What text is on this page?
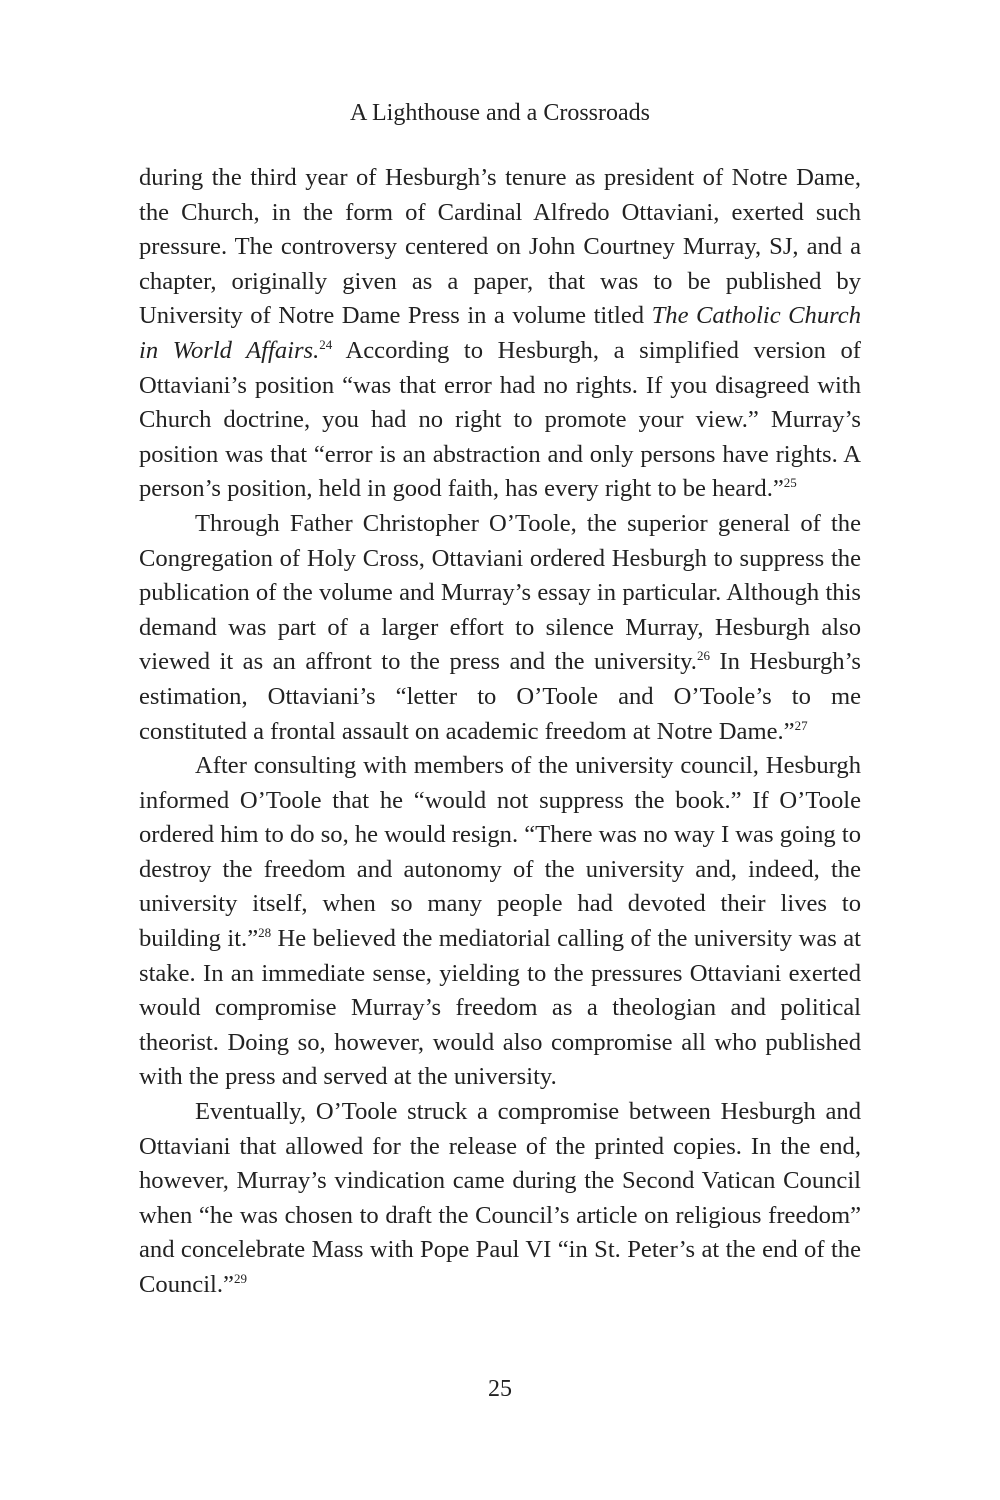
A Lighthouse and a Crossroads

during the third year of Hesburgh’s tenure as president of Notre Dame, the Church, in the form of Cardinal Alfredo Ottaviani, exerted such pressure. The controversy centered on John Courtney Murray, SJ, and a chapter, originally given as a paper, that was to be published by University of Notre Dame Press in a volume titled The Catholic Church in World Affairs.$^{24}$ According to Hesburgh, a simplified version of Ottaviani’s position “was that error had no rights. If you disagreed with Church doctrine, you had no right to promote your view.” Murray’s position was that “error is an abstraction and only persons have rights. A person’s position, held in good faith, has every right to be heard.”$^{25}$

Through Father Christopher O’Toole, the superior general of the Congregation of Holy Cross, Ottaviani ordered Hesburgh to suppress the publication of the volume and Murray’s essay in particular. Although this demand was part of a larger effort to silence Murray, Hesburgh also viewed it as an affront to the press and the university.$^{26}$ In Hesburgh’s estimation, Ottaviani’s “letter to O’Toole and O’Toole’s to me constituted a frontal assault on academic freedom at Notre Dame.”$^{27}$

After consulting with members of the university council, Hesburgh informed O’Toole that he “would not suppress the book.” If O’Toole ordered him to do so, he would resign. “There was no way I was going to destroy the freedom and autonomy of the university and, indeed, the university itself, when so many people had devoted their lives to building it.”$^{28}$ He believed the mediatorial calling of the university was at stake. In an immediate sense, yielding to the pressures Ottaviani exerted would compromise Murray’s freedom as a theologian and political theorist. Doing so, however, would also compromise all who published with the press and served at the university.

Eventually, O’Toole struck a compromise between Hesburgh and Ottaviani that allowed for the release of the printed copies. In the end, however, Murray’s vindication came during the Second Vatican Council when “he was chosen to draft the Council’s article on religious freedom” and concelebrate Mass with Pope Paul VI “in St. Peter’s at the end of the Council.”$^{29}$

25
